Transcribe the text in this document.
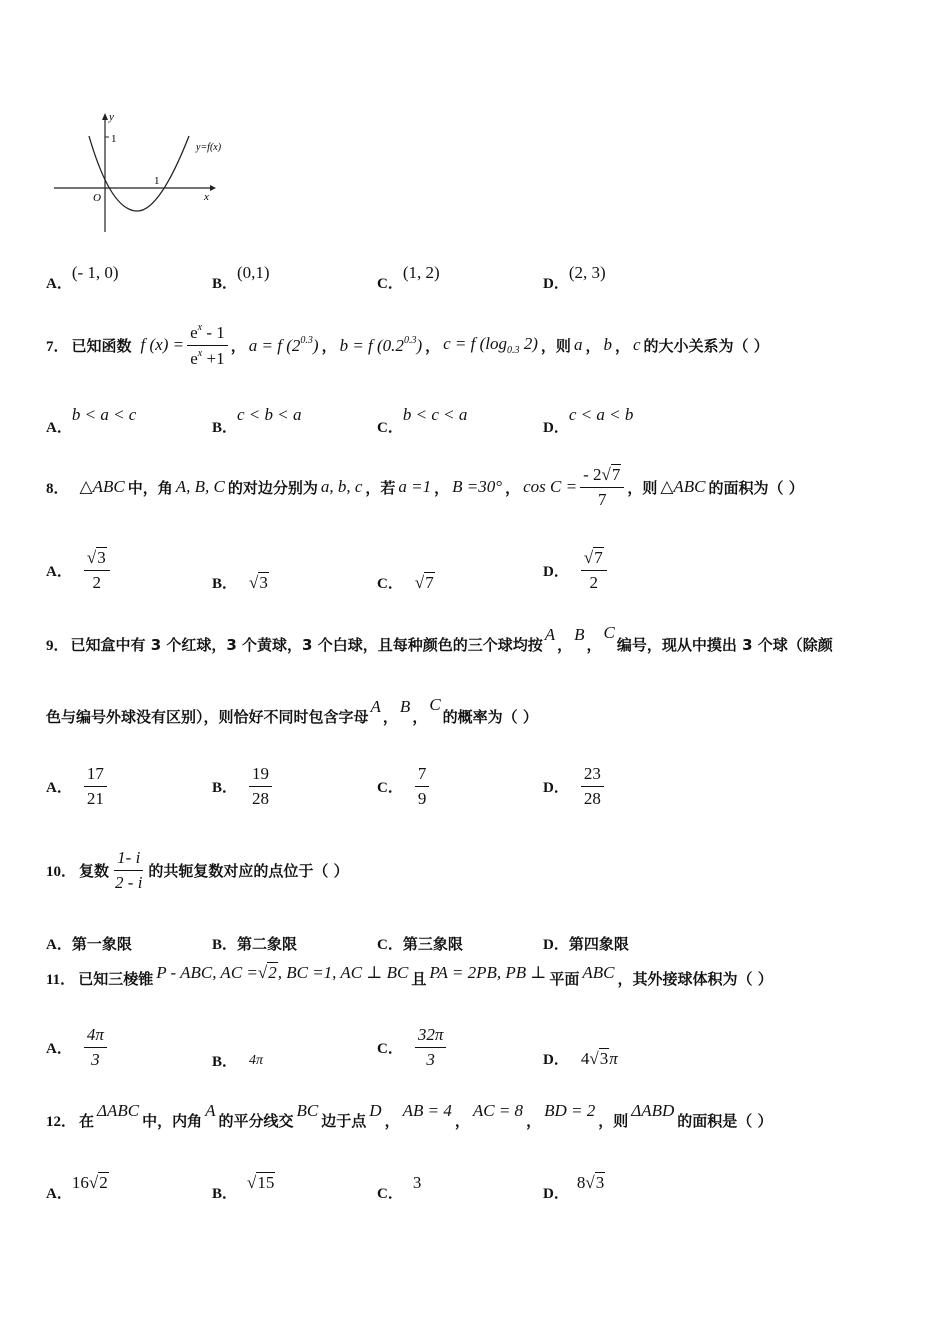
y
1
1
x
O
y=f(x)
A．(- 1, 0)
B．(0,1)
C．(1, 2)
D．(2, 3)
7． 已知函数 f $(x) = \frac{e^x - 1}{e^x +1}$ ， a = f $(2^{0.3})$ ， b = f $(0.2^{0.3})$ ， c = f ($\log_{0.3}$ 2) ，则 a ， b ， c 的大小关系为（ ）
A．b < a < c
B．c < b < a
C．b < c < a
D．c < a < b
8． △ABC 中，角 A, B, C 的对边分别为 a, b, c ，若 a =1 ， B =30° ， $\cos C = \frac{- 2√7}{7}$ ，则 △ABC 的面积为（ ）
A． $\frac{√3}{2}$	B． √3	C． √7
D． $\frac{√7}{2}$
9． 已知盒中有 3 个红球，3 个黄球，3 个白球，且每种颜色的三个球均按
A
，
B
，
C
编号，现从中摸出 3 个球（除颜
色与编号外球没有区别），则恰好不同时包含字母
A
，
B
，
C
的概率为（ ）
A． $\frac{17}{21}$	B． $\frac{19}{28}$	C． $\frac{7}{9}$	D． $\frac{23}{28}$
10． 复数 $\frac{1- i}{2 - i}$ 的共轭复数对应的点位于（ ）
A．第一象限	B．第二象限	C．第三象限	D．第四象限
11． 已知三棱锥 P - ABC, AC =√2, BC =1, AC ⊥ BC 且 PA = 2PB, PB ⊥ 平面 ABC ，其外接球体积为（ ）
A． $\frac{4\pi}{3}$	B． 4π
C． $\frac{32\pi}{3}$	D． 4√3π
12． 在
ΔABC
中，内角
A
的平分线交
BC
边于点
D
，
AB = 4
，
AC = 8
，
BD = 2
，则
ΔABD
的面积是（ ）
A．16√2
B．√15
C．3
D．8√3
